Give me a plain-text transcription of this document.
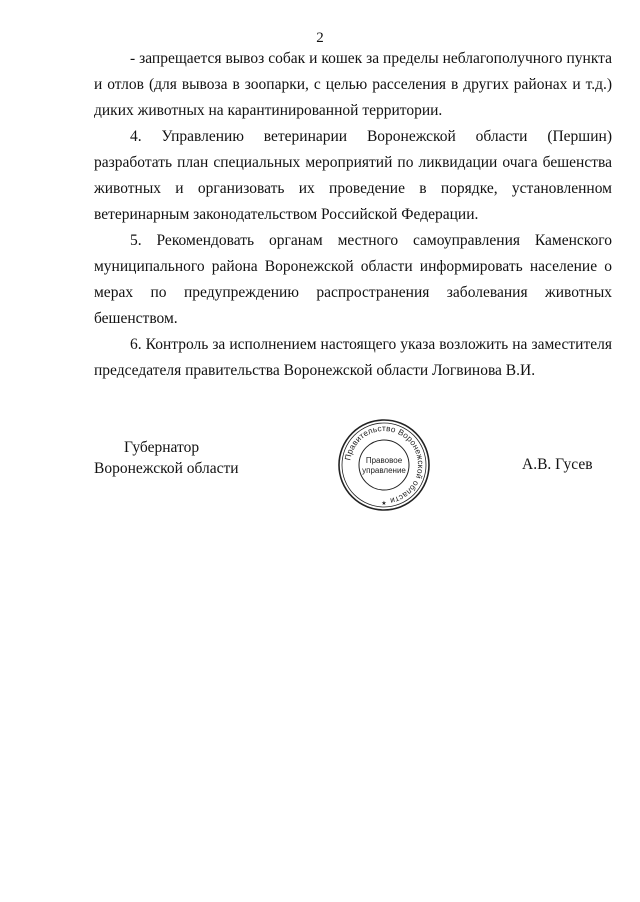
2

- запрещается вывоз собак и кошек за пределы неблагополучного пункта и отлов (для вывоза в зоопарки, с целью расселения в других районах и т.д.) диких животных на карантинированной территории.

4. Управлению ветеринарии Воронежской области (Першин) разработать план специальных мероприятий по ликвидации очага бешенства животных и организовать их проведение в порядке, установленном ветеринарным законодательством Российской Федерации.

5. Рекомендовать органам местного самоуправления Каменского муниципального района Воронежской области информировать население о мерах по предупреждению распространения заболевания животных бешенством.

6. Контроль за исполнением настоящего указа возложить на заместителя председателя правительства Воронежской области Логвинова В.И.

Губернатор
Воронежской области
Правительство Воронежской области
Правовое
управление
★
А.В. Гусев
